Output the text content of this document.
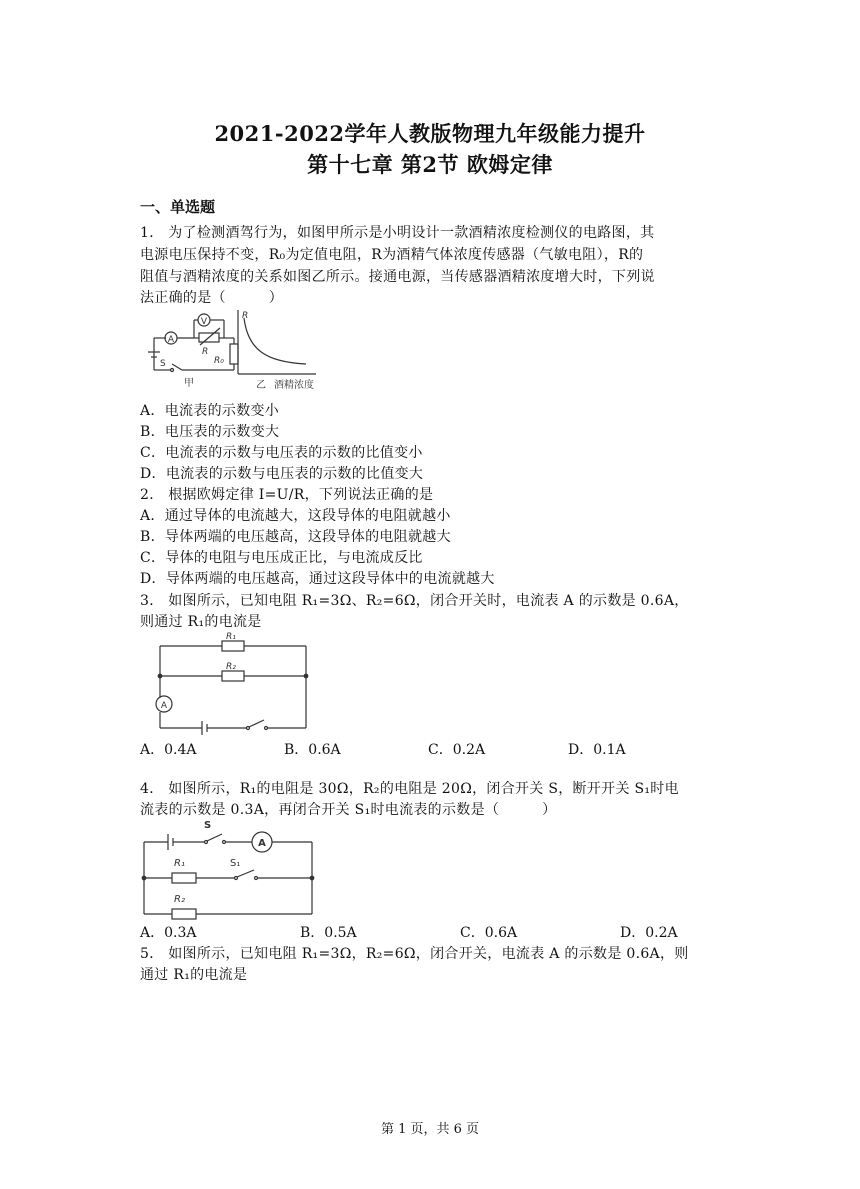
2021-2022学年人教版物理九年级能力提升
第十七章 第2节 欧姆定律
一、单选题
1． 为了检测酒驾行为，如图甲所示是小明设计一款酒精浓度检测仪的电路图，其
电源电压保持不变，R₀为定值电阻，R为酒精气体浓度传感器（气敏电阻），R的
阻值与酒精浓度的关系如图乙所示。接通电源，当传感器酒精浓度增大时，下列说
法正确的是（　　　）
A
V
R
R₀
S
甲
R
乙 酒精浓度
A．电流表的示数变小
B．电压表的示数变大
C．电流表的示数与电压表的示数的比值变小
D．电流表的示数与电压表的示数的比值变大
2． 根据欧姆定律 I=U/R，下列说法正确的是
A．通过导体的电流越大，这段导体的电阻就越小
B．导体两端的电压越高，这段导体的电阻就越大
C．导体的电阻与电压成正比，与电流成反比
D．导体两端的电压越高，通过这段导体中的电流就越大
3． 如图所示，已知电阻 R₁=3Ω、R₂=6Ω，闭合开关时，电流表 A 的示数是 0.6A，
则通过 R₁的电流是
R₁
R₂
A
A．0.4A	B．0.6A	C．0.2A	D．0.1A
4． 如图所示，R₁的电阻是 30Ω，R₂的电阻是 20Ω，闭合开关 S，断开开关 S₁时电
流表的示数是 0.3A，再闭合开关 S₁时电流表的示数是（　　　）
S
A
R₁	S₁
R₂
A．0.3A	B．0.5A	C．0.6A	D．0.2A
5． 如图所示，已知电阻 R₁=3Ω，R₂=6Ω，闭合开关，电流表 A 的示数是 0.6A，则
通过 R₁的电流是
第 1 页，共 6 页
